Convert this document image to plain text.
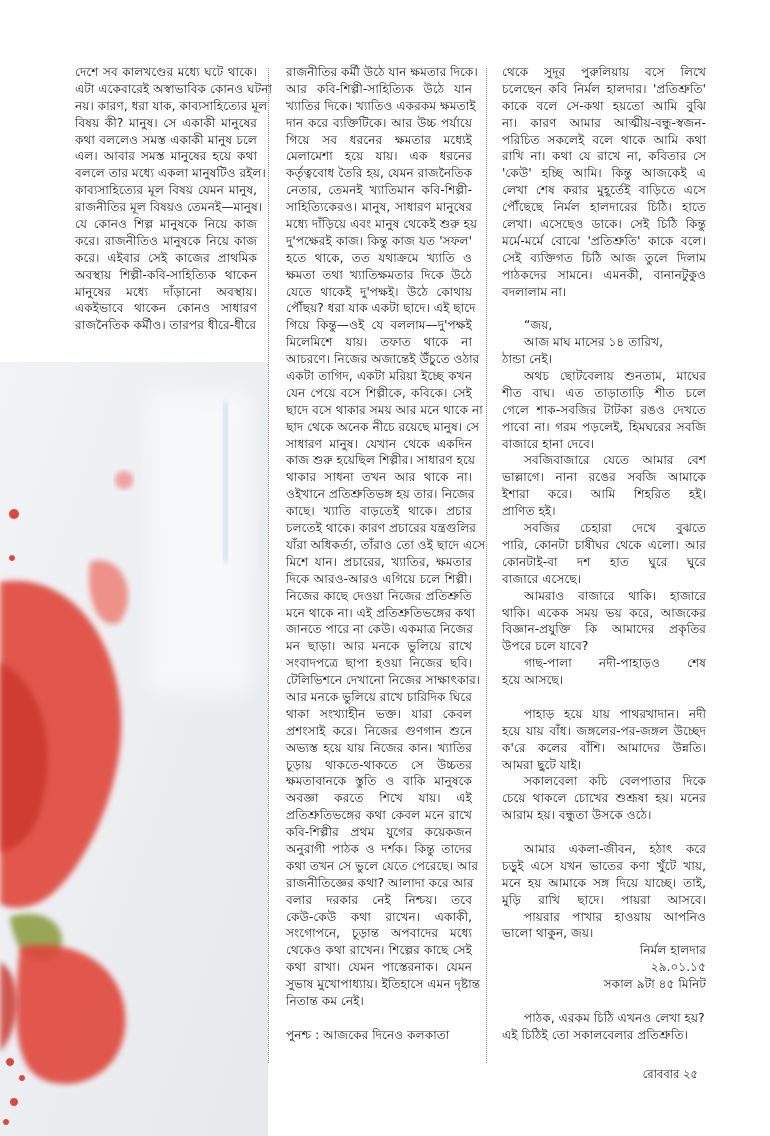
দেশে সব কালখণ্ডের মধ্যে ঘটে থাকে।
এটা একেবারেই অস্বাভাবিক কোনও ঘটনা
নয়। কারণ, ধরা যাক, কাব্যসাহিত্যের মূল
বিষয় কী? মানুষ। সে একাকী মানুষের
কথা বললেও সমস্ত একাকী মানুষ চলে
এল। আবার সমস্ত মানুষের হয়ে কথা
বললে তার মধ্যে একলা মানুষটিও রইল।
কাব্যসাহিত্যের মূল বিষয় যেমন মানুষ,
রাজনীতির মূল বিষয়ও তেমনই—মানুষ।
যে কোনও শিল্প মানুষকে নিয়ে কাজ
করে। রাজনীতিও মানুষকে নিয়ে কাজ
করে। এইবার সেই কাজের প্রাথমিক
অবস্থায় শিল্পী-কবি-সাহিত্যিক থাকেন
মানুষের মধ্যে দাঁড়ানো অবস্থায়।
একইভাবে থাকেন কোনও সাধারণ
রাজনৈতিক কর্মীও। তারপর ধীরে-ধীরে
রাজনীতির কর্মী উঠে যান ক্ষমতার দিকে।
আর কবি-শিল্পী-সাহিত্যিক উঠে যান
খ্যাতির দিকে। খ্যাতিও একরকম ক্ষমতাই
দান করে ব্যক্তিটিকে। আর উচ্চ পর্যায়ে
গিয়ে সব ধরনের ক্ষমতার মধ্যেই
মেলামেশা হয়ে যায়। এক ধরনের
কর্তৃত্ববোধ তৈরি হয়, যেমন রাজনৈতিক
নেতার, তেমনই খ্যাতিমান কবি-শিল্পী-
সাহিত্যিকেরও। মানুষ, সাধারণ মানুষের
মধ্যে দাঁড়িয়ে এবং মানুষ থেকেই শুরু হয়
দু'পক্ষেরই কাজ। কিন্তু কাজ যত 'সফল'
হতে থাকে, তত যথাক্রমে খ্যাতি ও
ক্ষমতা তথা খ্যাতিক্ষমতার দিকে উঠে
যেতে থাকেই দু'পক্ষই। উঠে কোথায়
পৌঁছয়? ধরা যাক একটা ছাদে। এই ছাদে
গিয়ে কিন্তু—ওই যে বললাম—দু'পক্ষই
মিলেমিশে যায়। তফাত থাকে না
আচরণে। নিজের অজান্তেই উঁচুতে ওঠার
একটা তাগিদ, একটা মরিয়া ইচ্ছে কখন
যেন পেয়ে বসে শিল্পীকে, কবিকে। সেই
ছাদে বসে থাকার সময় আর মনে থাকে না
ছাদ থেকে অনেক নীচে রয়েছে মানুষ। সে
সাধারণ মানুষ। যেখান থেকে একদিন
কাজ শুরু হয়েছিল শিল্পীর। সাধারণ হয়ে
থাকার সাধনা তখন আর থাকে না।
ওইখানে প্রতিশ্রুতিভঙ্গ হয় তার। নিজের
কাছে। খ্যাতি বাড়তেই থাকে। প্রচার
চলতেই থাকে। কারণ প্রচারের যন্ত্রগুলির
যাঁরা অধিকর্তা, তাঁরাও তো ওই ছাদে এসে
মিশে যান। প্রচারের, খ্যাতির, ক্ষমতার
দিকে আরও-আরও এগিয়ে চলে শিল্পী।
নিজের কাছে দেওয়া নিজের প্রতিশ্রুতি
মনে থাকে না। এই প্রতিশ্রুতিভঙ্গের কথা
জানতে পারে না কেউ। একমাত্র নিজের
মন ছাড়া। আর মনকে ভুলিয়ে রাখে
সংবাদপত্রে ছাপা হওয়া নিজের ছবি।
টেলিভিশনে দেখানো নিজের সাক্ষাৎকার।
আর মনকে ভুলিয়ে রাখে চারিদিক ঘিরে
থাকা সংখ্যাহীন ভক্ত। যারা কেবল
প্রশংসাই করে। নিজের গুণগান শুনে
অভ্যস্ত হয়ে যায় নিজের কান। খ্যাতির
চূড়ায় থাকতে-থাকতে সে উচ্চতর
ক্ষমতাবানকে স্তুতি ও বাকি মানুষকে
অবজ্ঞা করতে শিখে যায়। এই
প্রতিশ্রুতিভঙ্গের কথা কেবল মনে রাখে
কবি-শিল্পীর প্রথম যুগের কয়েকজন
অনুরাগী পাঠক ও দর্শক। কিন্তু তাদের
কথা তখন সে ভুলে যেতে পেরেছে। আর
রাজনীতিজ্ঞের কথা? আলাদা করে আর
বলার দরকার নেই নিশ্চয়। তবে
কেউ-কেউ কথা রাখেন। একাকী,
সংগোপনে, চূড়ান্ত অপবাদের মধ্যে
থেকেও কথা রাখেন। শিল্পের কাছে সেই
কথা রাখা। যেমন পাস্তেরনাক। যেমন
সুভাষ মুখোপাধ্যায়। ইতিহাসে এমন দৃষ্টান্ত
নিতান্ত কম নেই।
পুনশ্চ : আজকের দিনেও কলকাতা
থেকে সুদূর পুরুলিয়ায় বসে লিখে
চলেছেন কবি নির্মল হালদার। 'প্রতিশ্রুতি'
কাকে বলে সে-কথা হয়তো আমি বুঝি
না। কারণ আমার আত্মীয়-বন্ধু-স্বজন-
পরিচিত সকলেই বলে থাকে আমি কথা
রাখি না। কথা যে রাখে না, কবিতার সে
'কেউ' হচ্ছি আমি। কিন্তু আজকেই এ
লেখা শেষ করার মুহূর্তেই বাড়িতে এসে
পৌঁছেছে নির্মল হালদারের চিঠি। হাতে
লেখা। এসেছেও ডাকে। সেই চিঠি কিন্তু
মর্মে-মর্মে বোঝে 'প্রতিশ্রুতি' কাকে বলে।
সেই ব্যক্তিগত চিঠি আজ তুলে দিলাম
পাঠকদের সামনে। এমনকী, বানানটুকুও
বদলালাম না।
“জয়,
আজ মাঘ মাসের ১৪ তারিখ,
ঠান্ডা নেই।
অথচ ছোটবেলায় শুনতাম, মাঘের
শীত বাঘ। এত তাড়াতাড়ি শীত চলে
গেলে শাক-সবজির টাটকা রঙও দেখতে
পাবো না। গরম পড়লেই, হিমঘরের সবজি
বাজারে হানা দেবে।
সবজিবাজারে যেতে আমার বেশ
ভাল্লাগে। নানা রঙের সবজি আমাকে
ইশারা করে। আমি শিহরিত হই।
প্রাণিত হই।
সবজির চেহারা দেখে বুঝতে
পারি, কোনটা চাষীঘর থেকে এলো। আর
কোনটাই-বা দশ হাত ঘুরে ঘুরে
বাজারে এসেছে।
আমরাও বাজারে থাকি। হাজারে
থাকি। একেক সময় ভয় করে, আজকের
বিজ্ঞান-প্রযুক্তি কি আমাদের প্রকৃতির
উপরে চলে যাবে?
গাছ-পালা নদী-পাহাড়ও শেষ
হয়ে আসছে।
পাহাড় হয়ে যায় পাথরখাদান। নদী
হয়ে যায় বাঁধ। জঙ্গলের-পর-জঙ্গল উচ্ছেদ
ক'রে কলের বাঁশি। আমাদের উন্নতি।
আমরা ছুটে যাই।
সকালবেলা কচি বেলপাতার দিকে
চেয়ে থাকলে চোখের শুশ্রূষা হয়। মনের
আরাম হয়। বন্ধুতা উসকে ওঠে।
আমার একলা-জীবন, হঠাৎ করে
চড়ুই এসে যখন ভাতের কণা খুঁটে খায়,
মনে হয় আমাকে সঙ্গ দিয়ে যাচ্ছে। তাই,
মুড়ি রাখি ছাদে। পায়রা আসবে।
পায়রার পাখার হাওয়ায় আপনিও
ভালো থাকুন, জয়।
নির্মল হালদার
২৯.০১.১৫
সকাল ৯টা ৪৫ মিনিট
পাঠক, এরকম চিঠি এখনও লেখা হয়?
এই চিঠিই তো সকালবেলার প্রতিশ্রুতি।
রোববার ২৫
